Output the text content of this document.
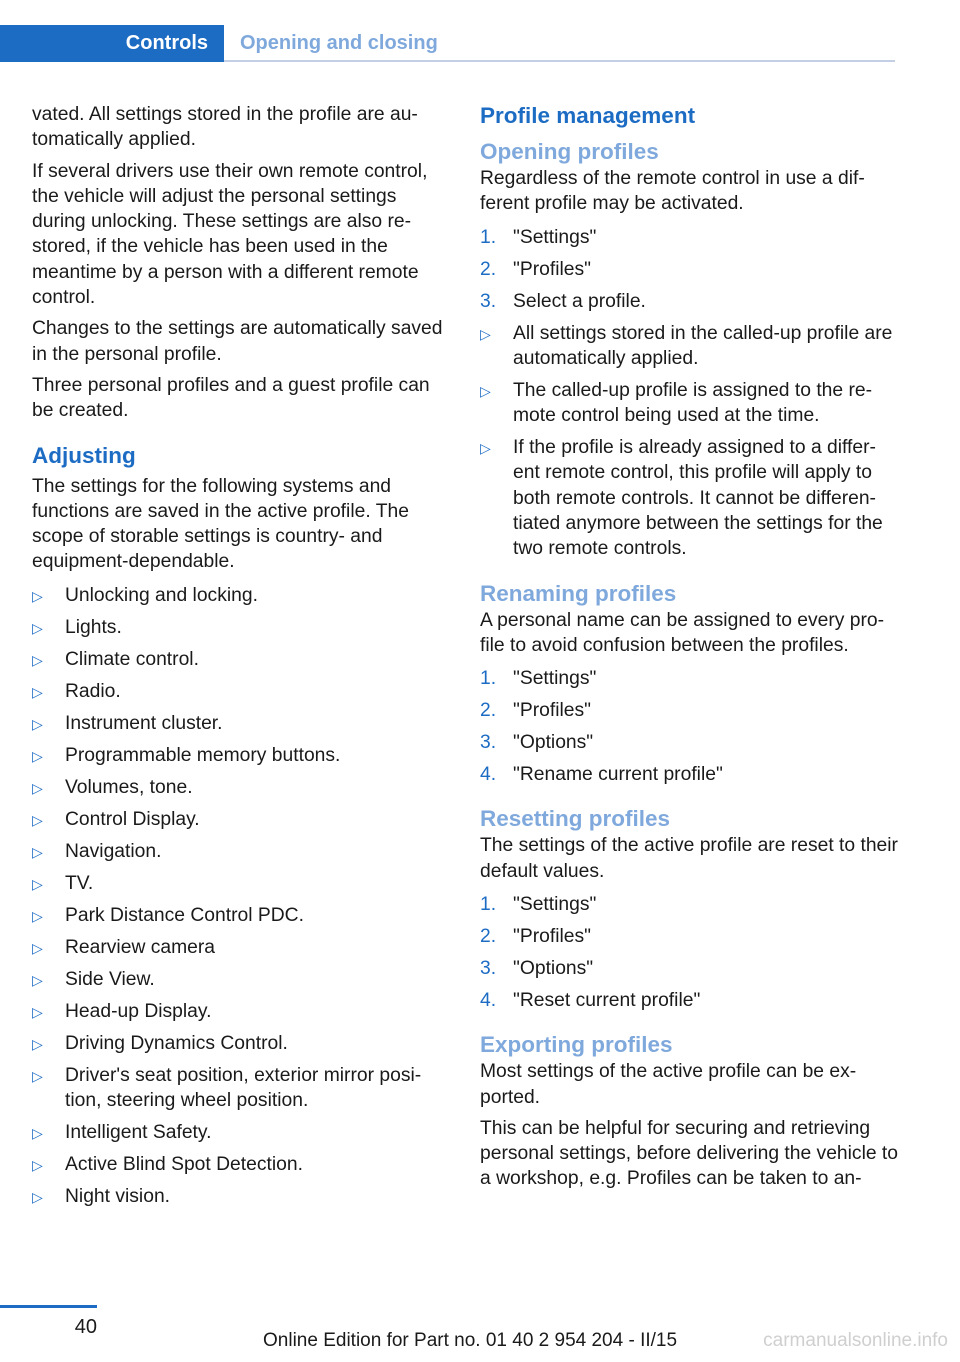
Controls	Opening and closing

vated. All settings stored in the profile are au‐tomatically applied.

If several drivers use their own remote control, the vehicle will adjust the personal settings during unlocking. These settings are also re‐stored, if the vehicle has been used in the meantime by a person with a different remote control.

Changes to the settings are automatically saved in the personal profile.

Three personal profiles and a guest profile can be created.

Adjusting

The settings for the following systems and functions are saved in the active profile. The scope of storable settings is country- and equipment-dependable.

▷ Unlocking and locking.
▷ Lights.
▷ Climate control.
▷ Radio.
▷ Instrument cluster.
▷ Programmable memory buttons.
▷ Volumes, tone.
▷ Control Display.
▷ Navigation.
▷ TV.
▷ Park Distance Control PDC.
▷ Rearview camera
▷ Side View.
▷ Head-up Display.
▷ Driving Dynamics Control.
▷ Driver's seat position, exterior mirror posi‐tion, steering wheel position.
▷ Intelligent Safety.
▷ Active Blind Spot Detection.
▷ Night vision.
Profile management
Opening profiles

Regardless of the remote control in use a dif‐ferent profile may be activated.

1. "Settings"
2. "Profiles"
3. Select a profile.
▷ All settings stored in the called-up profile are automatically applied.
▷ The called-up profile is assigned to the re‐mote control being used at the time.
▷ If the profile is already assigned to a differ‐ent remote control, this profile will apply to both remote controls. It cannot be differen‐tiated anymore between the settings for the two remote controls.
Renaming profiles

A personal name can be assigned to every pro‐file to avoid confusion between the profiles.

1. "Settings"
2. "Profiles"
3. "Options"
4. "Rename current profile"
Resetting profiles

The settings of the active profile are reset to their default values.

1. "Settings"
2. "Profiles"
3. "Options"
4. "Reset current profile"
Exporting profiles

Most settings of the active profile can be ex‐ported.

This can be helpful for securing and retrieving personal settings, before delivering the vehicle to a workshop, e.g. Profiles can be taken to an‐

40
Online Edition for Part no. 01 40 2 954 204 - II/15	carmanualsonline.info
